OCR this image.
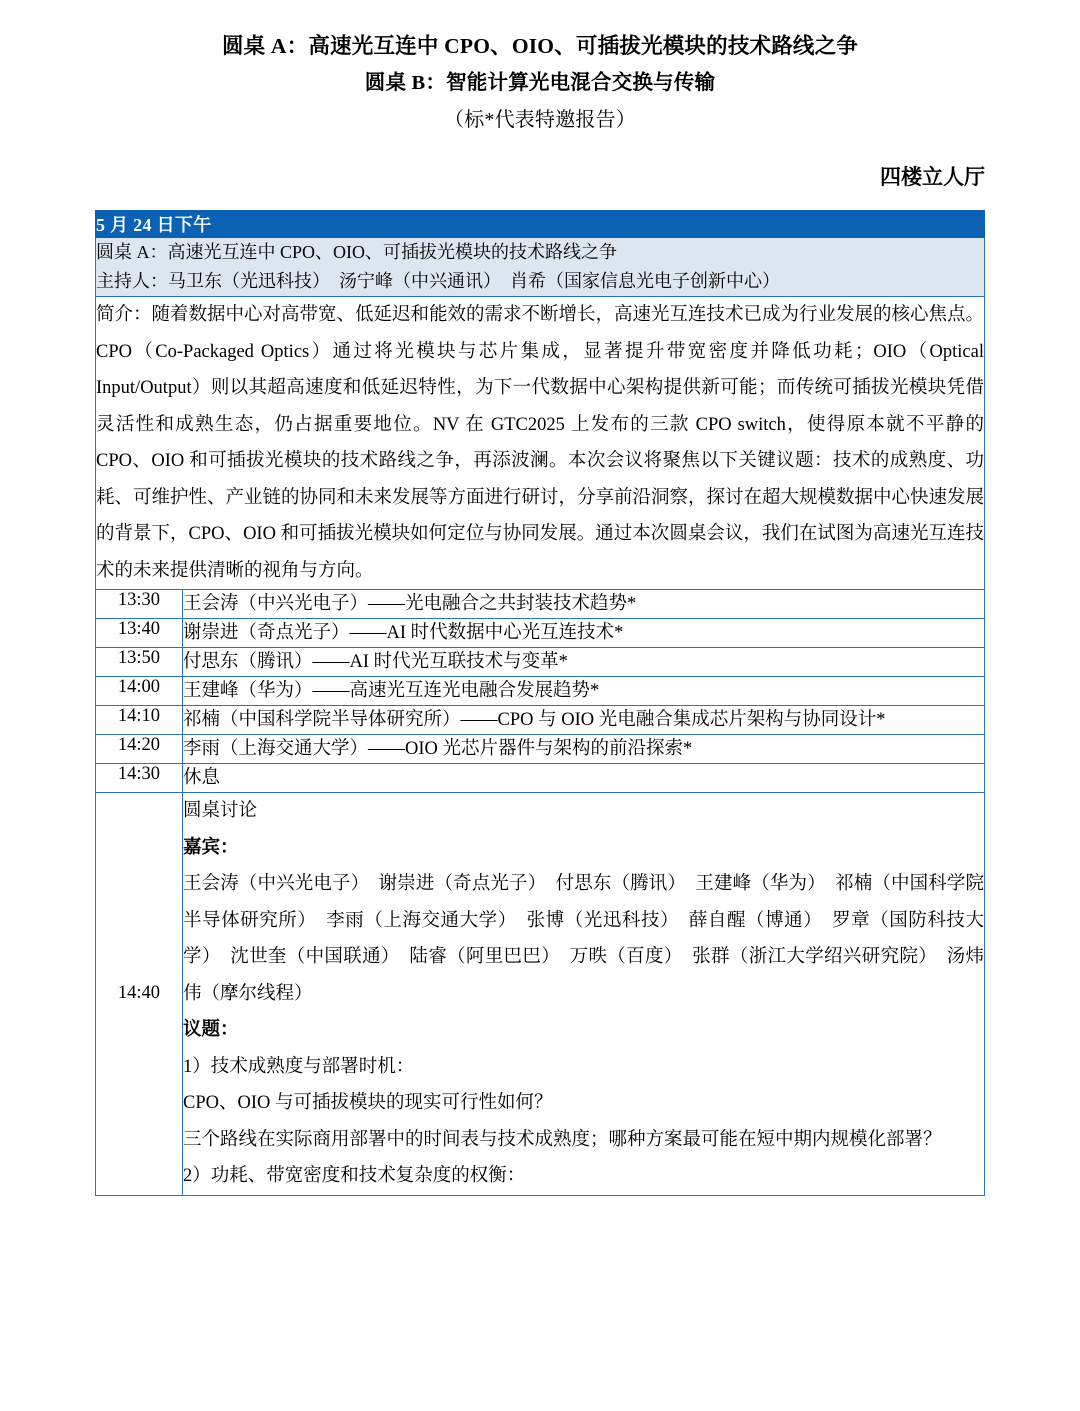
圆桌 A：高速光互连中 CPO、OIO、可插拔光模块的技术路线之争
圆桌 B：智能计算光电混合交换与传输
（标*代表特邀报告）
四楼立人厅
5 月 24 日下午	

圆桌 A：高速光互连中 CPO、OIO、可插拔光模块的技术路线之争
主持人：马卫东（光迅科技）　汤宁峰（中兴通讯）　肖希（国家信息光电子创新中心）	

简介：随着数据中心对高带宽、低延迟和能效的需求不断增长，高速光互连技术已成为行业发展的核心焦点。CPO（Co-Packaged Optics）通过将光模块与芯片集成，显著提升带宽密度并降低功耗；OIO（Optical Input/Output）则以其超高速度和低延迟特性，为下一代数据中心架构提供新可能；而传统可插拔光模块凭借灵活性和成熟生态，仍占据重要地位。NV 在 GTC2025 上发布的三款 CPO switch，使得原本就不平静的 CPO、OIO 和可插拔光模块的技术路线之争，再添波澜。本次会议将聚焦以下关键议题：技术的成熟度、功耗、可维护性、产业链的协同和未来发展等方面进行研讨，分享前沿洞察，探讨在超大规模数据中心快速发展的背景下，CPO、OIO 和可插拔光模块如何定位与协同发展。通过本次圆桌会议，我们在试图为高速光互连技术的未来提供清晰的视角与方向。	

13:30	王会涛（中兴光电子）——光电融合之共封装技术趋势*
13:40	谢崇进（奇点光子）——AI 时代数据中心光互连技术*
13:50	付思东（腾讯）——AI 时代光互联技术与变革*
14:00	王建峰（华为）——高速光互连光电融合发展趋势*
14:10	祁楠（中国科学院半导体研究所）——CPO 与 OIO 光电融合集成芯片架构与协同设计*
14:20	李雨（上海交通大学）——OIO 光芯片器件与架构的前沿探索*
14:30	休息
14:40	
圆桌讨论
嘉宾：
王会涛（中兴光电子）　谢崇进（奇点光子）　付思东（腾讯）　王建峰（华为）　祁楠（中国科学院半导体研究所）　李雨（上海交通大学）　张博（光迅科技）　薛自醒（博通）　罗章（国防科技大学）　沈世奎（中国联通）　陆睿（阿里巴巴）　万昳（百度）　张群（浙江大学绍兴研究院）　汤炜伟（摩尔线程）
议题：
1）技术成熟度与部署时机：
CPO、OIO 与可插拔模块的现实可行性如何？
三个路线在实际商用部署中的时间表与技术成熟度；哪种方案最可能在短中期内规模化部署？
2）功耗、带宽密度和技术复杂度的权衡：
